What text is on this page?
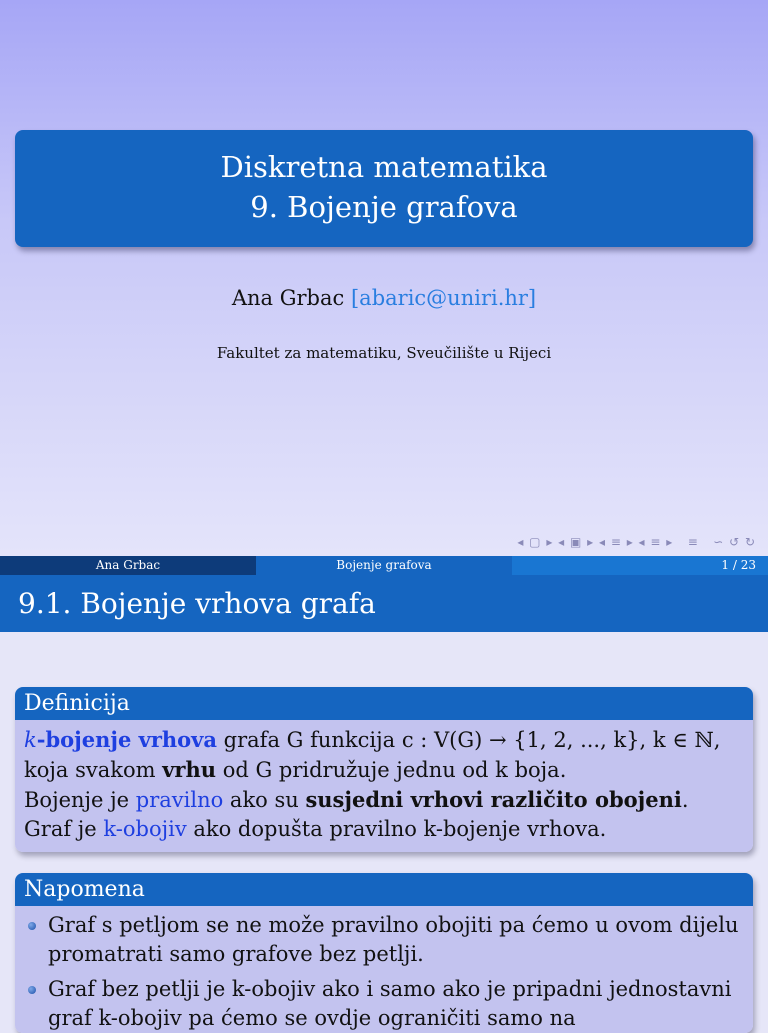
Diskretna matematika
9. Bojenje grafova
Ana Grbac [abaric@uniri.hr]
Fakultet za matematiku, Sveučilište u Rijeci
◂ ▢ ▸ ◂ ▣ ▸ ◂ ≡ ▸ ◂ ≡ ▸   ≡   ∽ ↺ ↻
Ana Grbac	Bojenje grafova	1 / 23
9.1. Bojenje vrhova grafa
Definicija
k-bojenje vrhova grafa G funkcija c : V(G) → {1, 2, ..., k}, k ∈ ℕ,
koja svakom vrhu od G pridružuje jednu od k boja.
Bojenje je pravilno ako su susjedni vrhovi različito obojeni.
Graf je k-obojiv ako dopušta pravilno k-bojenje vrhova.
Napomena
Graf s petljom se ne može pravilno obojiti pa ćemo u ovom dijelu promatrati samo grafove bez petlji.
Graf bez petlji je k-obojiv ako i samo ako je pripadni jednostavni graf k-obojiv pa ćemo se ovdje ograničiti samo na
